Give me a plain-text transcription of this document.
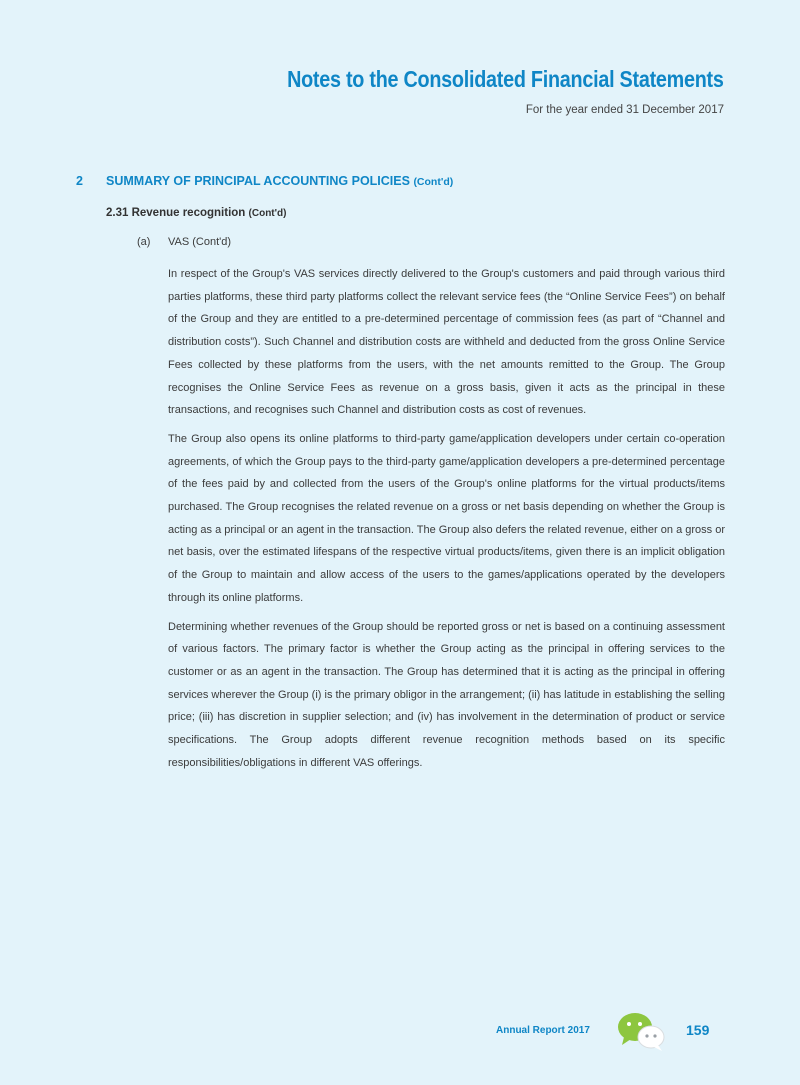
Notes to the Consolidated Financial Statements
For the year ended 31 December 2017
2 SUMMARY OF PRINCIPAL ACCOUNTING POLICIES (Cont'd)
2.31 Revenue recognition (Cont'd)
(a) VAS (Cont'd)

In respect of the Group's VAS services directly delivered to the Group's customers and paid through various third parties platforms, these third party platforms collect the relevant service fees (the “Online Service Fees”) on behalf of the Group and they are entitled to a pre-determined percentage of commission fees (as part of “Channel and distribution costs”). Such Channel and distribution costs are withheld and deducted from the gross Online Service Fees collected by these platforms from the users, with the net amounts remitted to the Group. The Group recognises the Online Service Fees as revenue on a gross basis, given it acts as the principal in these transactions, and recognises such Channel and distribution costs as cost of revenues.

The Group also opens its online platforms to third-party game/application developers under certain co-operation agreements, of which the Group pays to the third-party game/application developers a pre-determined percentage of the fees paid by and collected from the users of the Group's online platforms for the virtual products/items purchased. The Group recognises the related revenue on a gross or net basis depending on whether the Group is acting as a principal or an agent in the transaction. The Group also defers the related revenue, either on a gross or net basis, over the estimated lifespans of the respective virtual products/items, given there is an implicit obligation of the Group to maintain and allow access of the users to the games/applications operated by the developers through its online platforms.

Determining whether revenues of the Group should be reported gross or net is based on a continuing assessment of various factors. The primary factor is whether the Group acting as the principal in offering services to the customer or as an agent in the transaction. The Group has determined that it is acting as the principal in offering services wherever the Group (i) is the primary obligor in the arrangement; (ii) has latitude in establishing the selling price; (iii) has discretion in supplier selection; and (iv) has involvement in the determination of product or service specifications. The Group adopts different revenue recognition methods based on its specific responsibilities/obligations in different VAS offerings.

Annual Report 2017	159
